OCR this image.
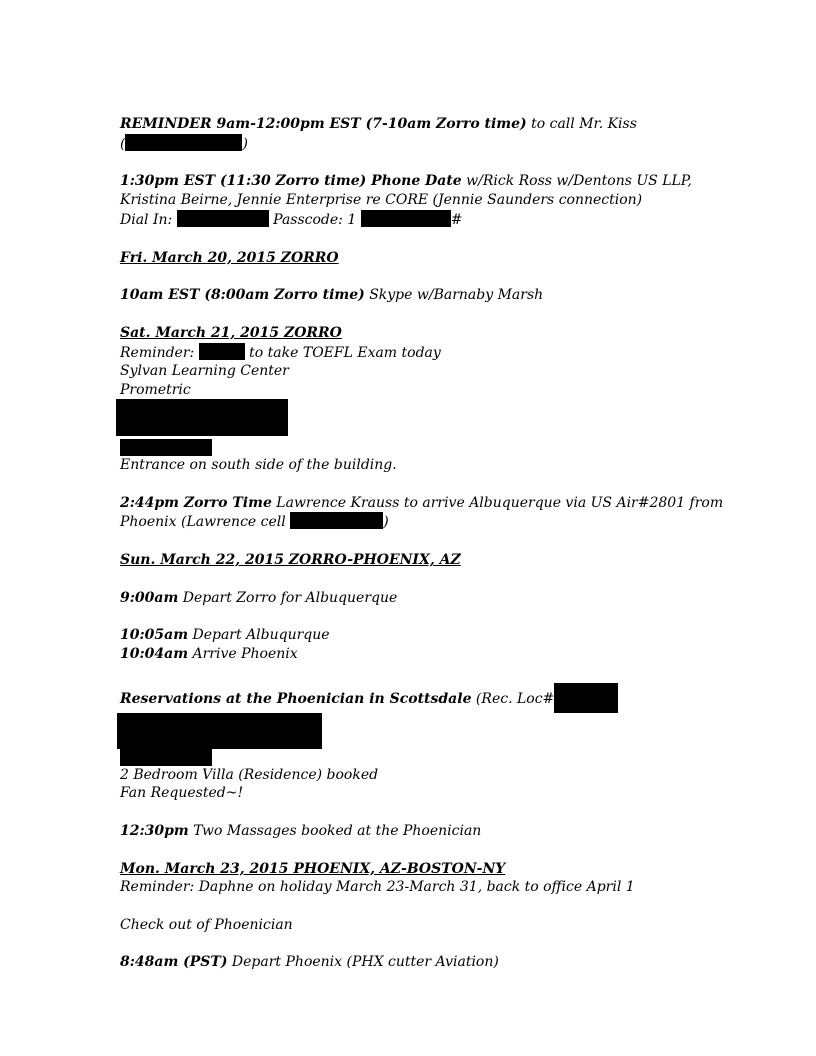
REMINDER 9am-12:00pm EST (7-10am Zorro time) to call Mr. Kiss
(	)
1:30pm EST (11:30 Zorro time) Phone Date w/Rick Ross w/Dentons US LLP,
Kristina Beirne, Jennie Enterprise re CORE (Jennie Saunders connection)
Dial In:	Passcode: 1	#
Fri. March 20, 2015 ZORRO
10am EST (8:00am Zorro time) Skype w/Barnaby Marsh
Sat. March 21, 2015 ZORRO
Reminder:	to take TOEFL Exam today
Sylvan Learning Center
Prometric
Entrance on south side of the building.
2:44pm Zorro Time Lawrence Krauss to arrive Albuquerque via US Air#2801 from
Phoenix (Lawrence cell	)
Sun. March 22, 2015 ZORRO-PHOENIX, AZ
9:00am Depart Zorro for Albuquerque
10:05am Depart Albuqurque
10:04am Arrive Phoenix
Reservations at the Phoenician in Scottsdale (Rec. Loc#
2 Bedroom Villa (Residence) booked
Fan Requested~!
12:30pm Two Massages booked at the Phoenician
Mon. March 23, 2015 PHOENIX, AZ-BOSTON-NY
Reminder: Daphne on holiday March 23-March 31, back to office April 1
Check out of Phoenician
8:48am (PST) Depart Phoenix (PHX cutter Aviation)
